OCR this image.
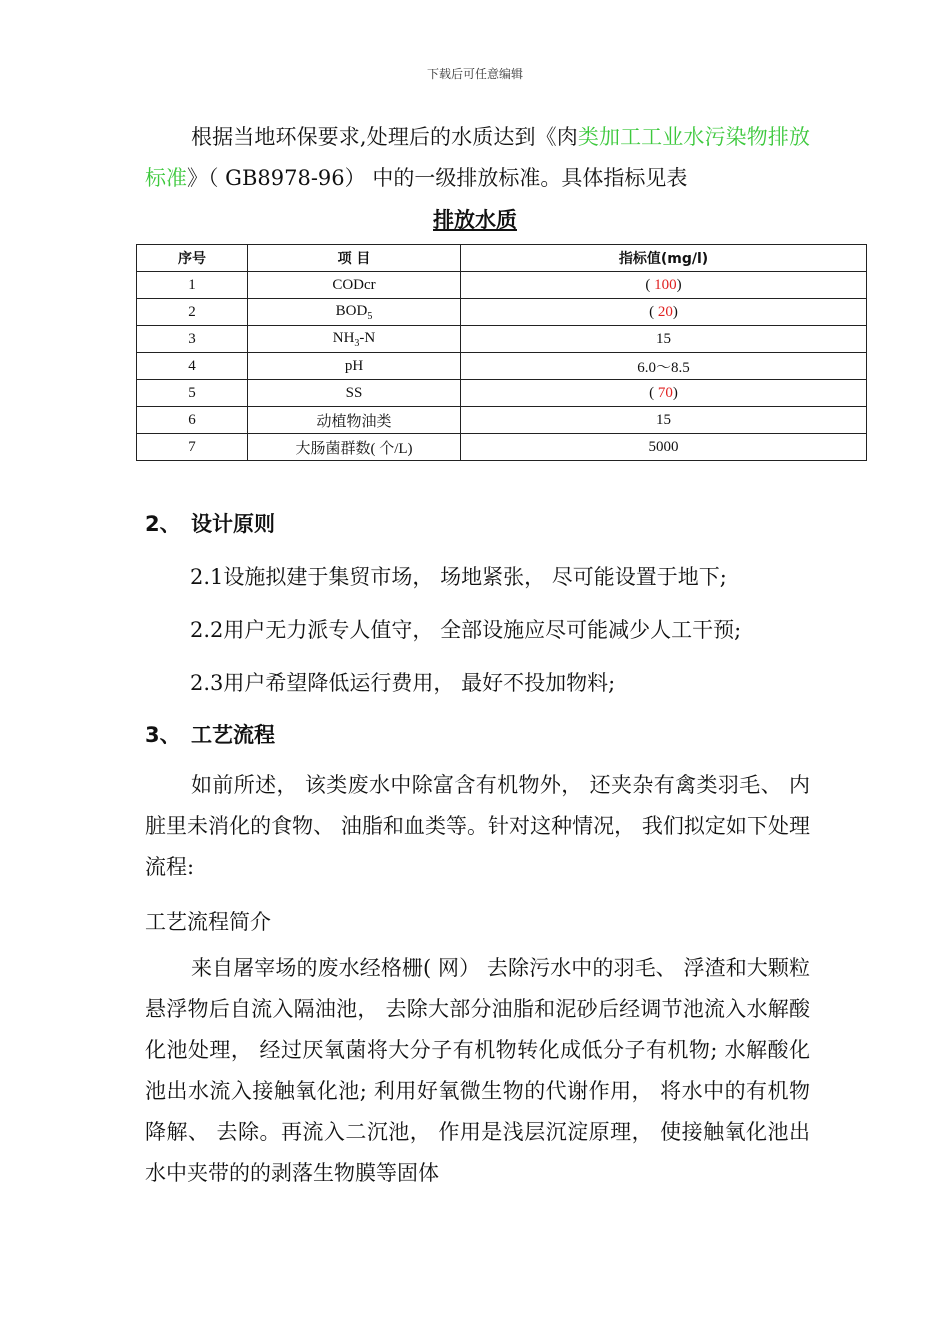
下载后可任意编辑
根据当地环保要求,处理后的水质达到《肉类加工工业水污染物排放标准》（ GB8978-96） 中的一级排放标准。具体指标见表
排放水质
序号	项 目	指标值(mg/l)
1	CODcr	( 100)
2	$BOD_5$	( 20)
3	$NH_3-N$	15
4	pH	6.0～8.5
5	SS	( 70)
6	动植物油类	15
7	大肠菌群数( 个/L)	5000
2、 设计原则
2.1设施拟建于集贸市场， 场地紧张， 尽可能设置于地下;
2.2用户无力派专人值守， 全部设施应尽可能减少人工干预;
2.3用户希望降低运行费用， 最好不投加物料;
3、 工艺流程
如前所述， 该类废水中除富含有机物外， 还夹杂有禽类羽毛、 内脏里未消化的食物、 油脂和血类等。针对这种情况， 我们拟定如下处理流程:
工艺流程简介
来自屠宰场的废水经格栅( 网） 去除污水中的羽毛、 浮渣和大颗粒悬浮物后自流入隔油池， 去除大部分油脂和泥砂后经调节池流入水解酸化池处理， 经过厌氧菌将大分子有机物转化成低分子有机物; 水解酸化池出水流入接触氧化池; 利用好氧微生物的代谢作用， 将水中的有机物降解、 去除。再流入二沉池， 作用是浅层沉淀原理， 使接触氧化池出水中夹带的的剥落生物膜等固体
